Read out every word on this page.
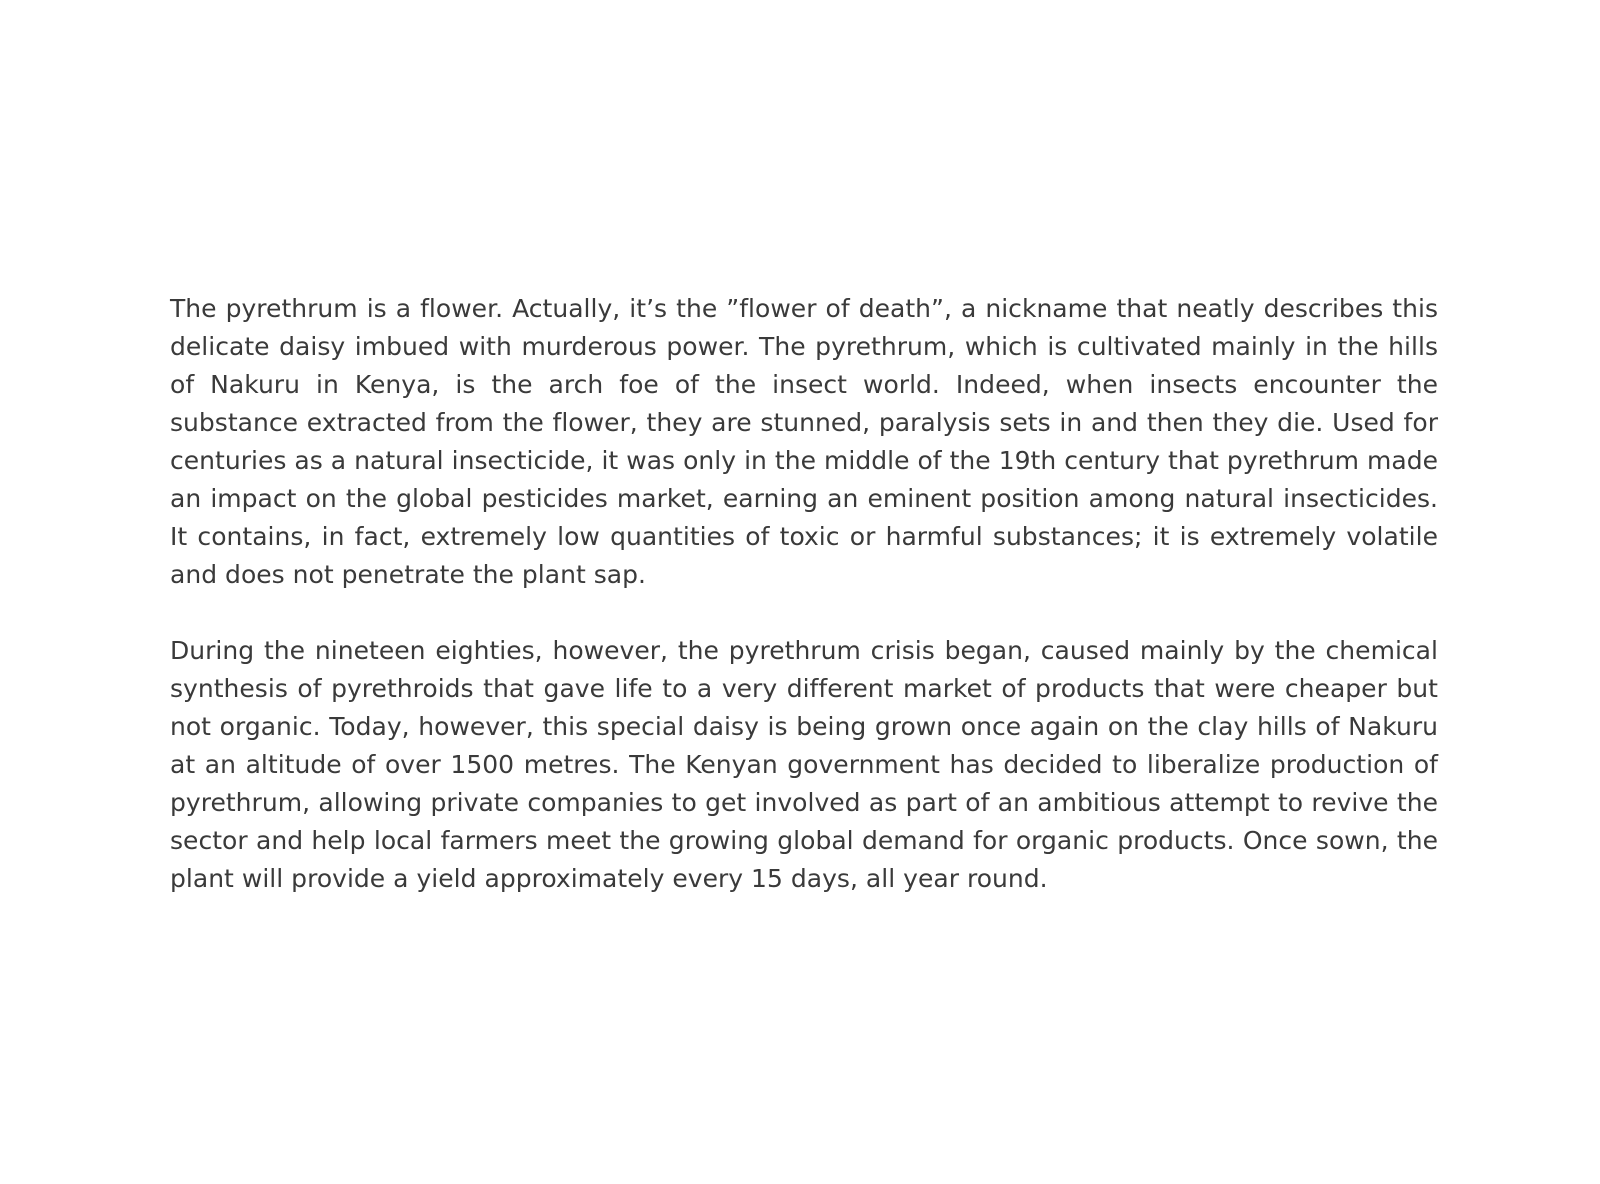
The pyrethrum is a flower. Actually, it’s the ”flower of death”, a nickname that neatly describes this delicate daisy imbued with murderous power. The pyrethrum, which is cultivated mainly in the hills of Nakuru in Kenya, is the arch foe of the insect world. Indeed, when insects encounter the substance extracted from the flower, they are stunned, paralysis sets in and then they die. Used for centuries as a natural insecticide, it was only in the middle of the 19th century that pyrethrum made an impact on the global pesticides market, earning an eminent position among natural insecticides. It contains, in fact, extremely low quantities of toxic or harmful substances; it is extremely volatile and does not penetrate the plant sap.

During the nineteen eighties, however, the pyrethrum crisis began, caused mainly by the chemical synthesis of pyrethroids that gave life to a very different market of products that were cheaper but not organic. Today, however, this special daisy is being grown once again on the clay hills of Nakuru at an altitude of over 1500 metres. The Kenyan government has decided to liberalize production of pyrethrum, allowing private companies to get involved as part of an ambitious attempt to revive the sector and help local farmers meet the growing global demand for organic products. Once sown, the plant will provide a yield approximately every 15 days, all year round.
